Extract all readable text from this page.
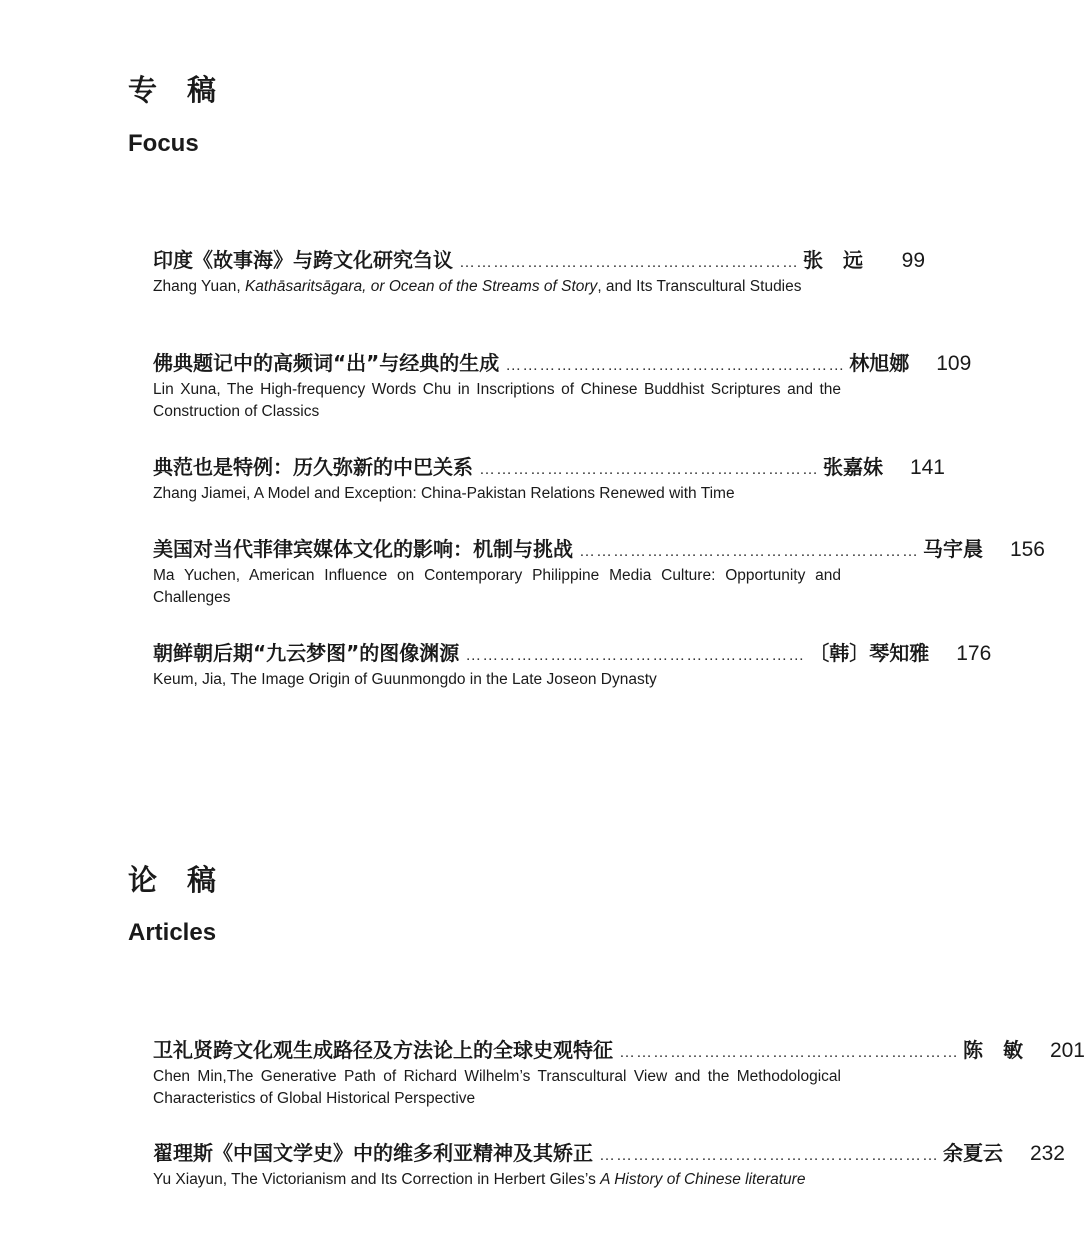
专稿
Focus
印度《故事海》与跨文化研究刍议 …………………………………………………… 张　远	99

Zhang Yuan, Kathāsaritsāgara, or Ocean of the Streams of Story, and Its Transcultural Studies

佛典题记中的高频词“出”与经典的生成 …………………………………………………… 林旭娜	109

Lin Xuna, The High-frequency Words Chu in Inscriptions of Chinese Buddhist Scriptures and the Construction of Classics

典范也是特例：历久弥新的中巴关系 …………………………………………………… 张嘉妹	141

Zhang Jiamei, A Model and Exception: China-Pakistan Relations Renewed with Time

美国对当代菲律宾媒体文化的影响：机制与挑战 …………………………………………………… 马宇晨	156

Ma Yuchen, American Influence on Contemporary Philippine Media Culture: Opportunity and Challenges

朝鲜朝后期“九云梦图”的图像渊源 …………………………………………………… 〔韩〕琴知雅	176

Keum, Jia, The Image Origin of Guunmongdo in the Late Joseon Dynasty

论稿
Articles
卫礼贤跨文化观生成路径及方法论上的全球史观特征 …………………………………………………… 陈　敏	201

Chen Min,The Generative Path of Richard Wilhelm’s Transcultural View and the Methodological Characteristics of Global Historical Perspective

翟理斯《中国文学史》中的维多利亚精神及其矫正 …………………………………………………… 余夏云	232

Yu Xiayun, The Victorianism and Its Correction in Herbert Giles’s A History of Chinese literature
